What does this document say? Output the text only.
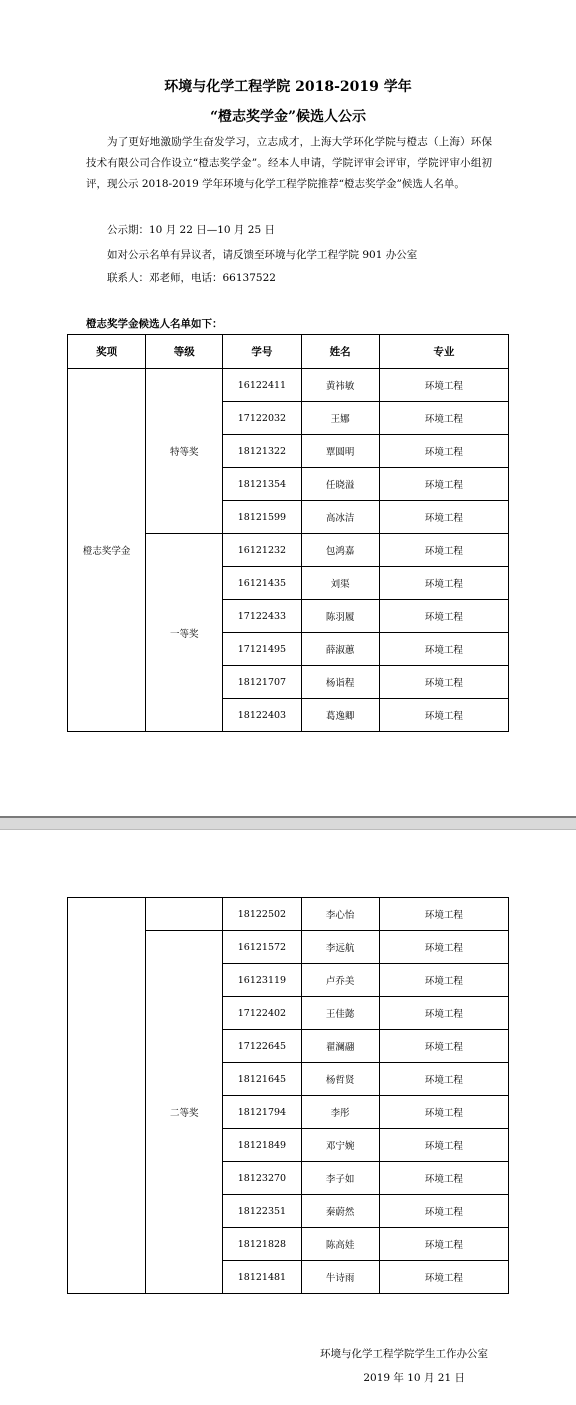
环境与化学工程学院 2018-2019 学年
“橙志奖学金”候选人公示

为了更好地激励学生奋发学习，立志成才，上海大学环化学院与橙志（上海）环保技术有限公司合作设立“橙志奖学金”。经本人申请，学院评审会评审，学院评审小组初评，现公示 2018-2019 学年环境与化学工程学院推荐“橙志奖学金”候选人名单。

公示期：10 月 22 日—10 月 25 日
如对公示名单有异议者，请反馈至环境与化学工程学院 901 办公室
联系人：邓老师，电话：66137522
橙志奖学金候选人名单如下：
奖项	等级	学号	姓名	专业
橙志奖学金	特等奖	16122411	黄祎敏	环境工程
		17122032	王娜	环境工程
		18121322	覃圆明	环境工程
		18121354	任晓溢	环境工程
		18121599	高冰洁	环境工程
	一等奖	16121232	包鸿嘉	环境工程
		16121435	刘渠	环境工程
		17122433	陈羽履	环境工程
		17121495	薛淑蕙	环境工程
		18121707	杨诣程	环境工程
		18122403	葛逸卿	环境工程
		18122502	李心怡	环境工程
	二等奖	16121572	李远航	环境工程
		16123119	卢乔美	环境工程
		17122402	王佳懿	环境工程
		17122645	翟澜翮	环境工程
		18121645	杨哲贤	环境工程
		18121794	李彤	环境工程
		18121849	邓宁婉	环境工程
		18123270	李子如	环境工程
		18122351	秦蔚然	环境工程
		18121828	陈高娃	环境工程
		18121481	牛诗雨	环境工程
环境与化学工程学院学生工作办公室
2019 年 10 月 21 日
